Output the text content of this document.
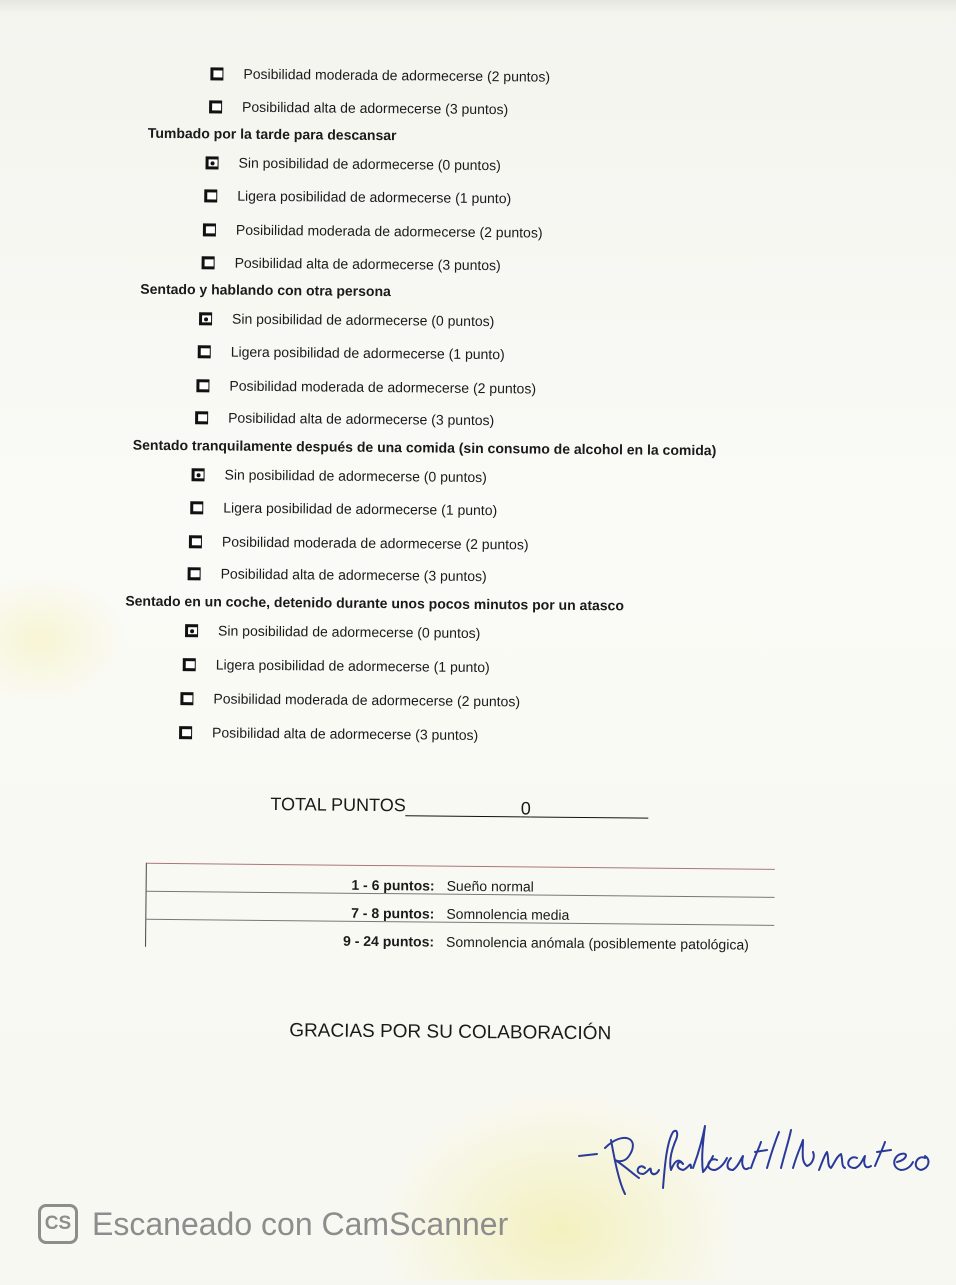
Posibilidad moderada de adormecerse (2 puntos)
Posibilidad alta de adormecerse (3 puntos)
Tumbado por la tarde para descansar
Sin posibilidad de adormecerse (0 puntos)
Ligera posibilidad de adormecerse (1 punto)
Posibilidad moderada de adormecerse (2 puntos)
Posibilidad alta de adormecerse (3 puntos)
Sentado y hablando con otra persona
Sin posibilidad de adormecerse (0 puntos)
Ligera posibilidad de adormecerse (1 punto)
Posibilidad moderada de adormecerse (2 puntos)
Posibilidad alta de adormecerse (3 puntos)
Sentado tranquilamente después de una comida (sin consumo de alcohol en la comida)
Sin posibilidad de adormecerse (0 puntos)
Ligera posibilidad de adormecerse (1 punto)
Posibilidad moderada de adormecerse (2 puntos)
Posibilidad alta de adormecerse (3 puntos)
Sentado en un coche, detenido durante unos pocos minutos por un atasco
Sin posibilidad de adormecerse (0 puntos)
Ligera posibilidad de adormecerse (1 punto)
Posibilidad moderada de adormecerse (2 puntos)
Posibilidad alta de adormecerse (3 puntos)
TOTAL PUNTOS	0
1 - 6 puntos: Sueño normal
7 - 8 puntos: Somnolencia media
9 - 24 puntos: Somnolencia anómala (posiblemente patológica)
GRACIAS POR SU COLABORACIÓN
CS Escaneado con CamScanner
